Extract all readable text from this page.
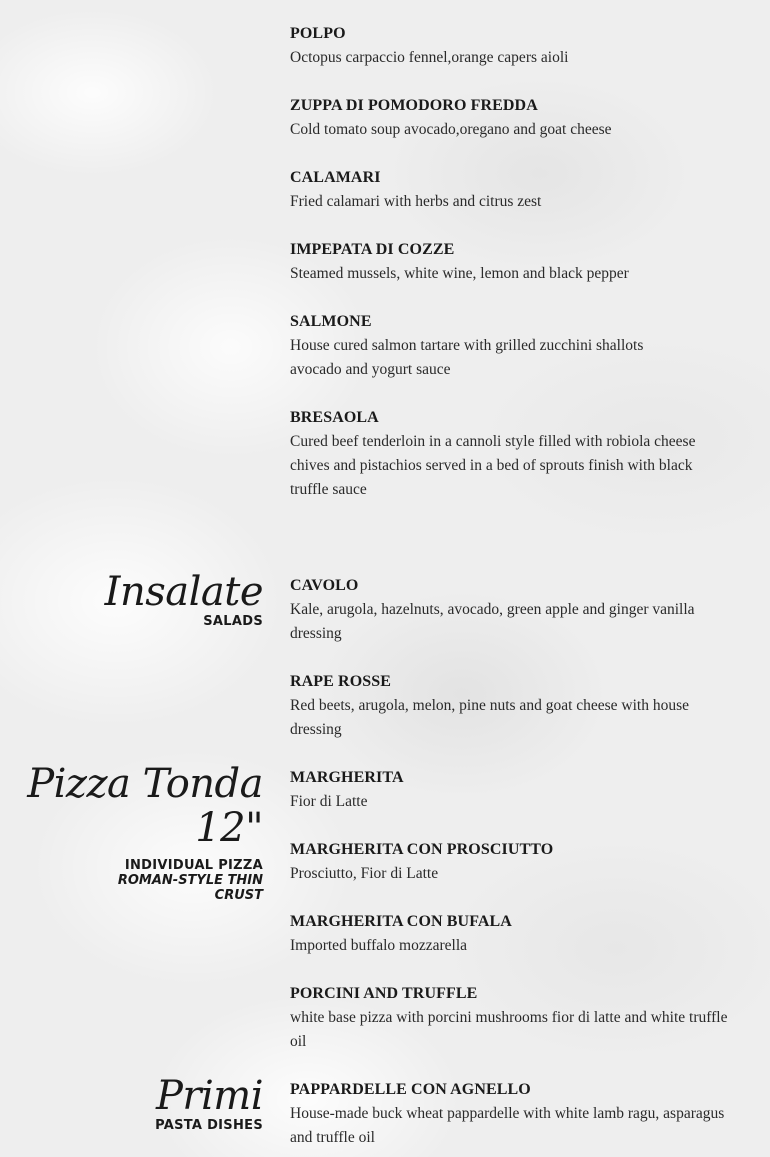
Insalate
SALADS
Pizza Tonda 12"
INDIVIDUAL PIZZA
ROMAN-STYLE THIN CRUST
Primi
PASTA DISHES

POLPO

Octopus carpaccio fennel,orange capers aioli

ZUPPA DI POMODORO FREDDA

Cold tomato soup avocado,oregano and goat cheese

CALAMARI

Fried calamari with herbs and citrus zest

IMPEPATA DI COZZE

Steamed mussels, white wine, lemon and black pepper

SALMONE

House cured salmon tartare with grilled zucchini shallots avocado and yogurt sauce

BRESAOLA

Cured beef tenderloin in a cannoli style filled with robiola cheese chives and pistachios served in a bed of sprouts finish with black truffle sauce

CAVOLO

Kale, arugola, hazelnuts, avocado, green apple and ginger vanilla dressing

RAPE ROSSE

Red beets, arugola, melon, pine nuts and goat cheese with house dressing

MARGHERITA

Fior di Latte

MARGHERITA CON PROSCIUTTO

Prosciutto, Fior di Latte

MARGHERITA CON BUFALA

Imported buffalo mozzarella

PORCINI AND TRUFFLE

white base pizza with porcini mushrooms fior di latte and white truffle oil

PAPPARDELLE CON AGNELLO

House-made buck wheat pappardelle with white lamb ragu, asparagus and truffle oil
